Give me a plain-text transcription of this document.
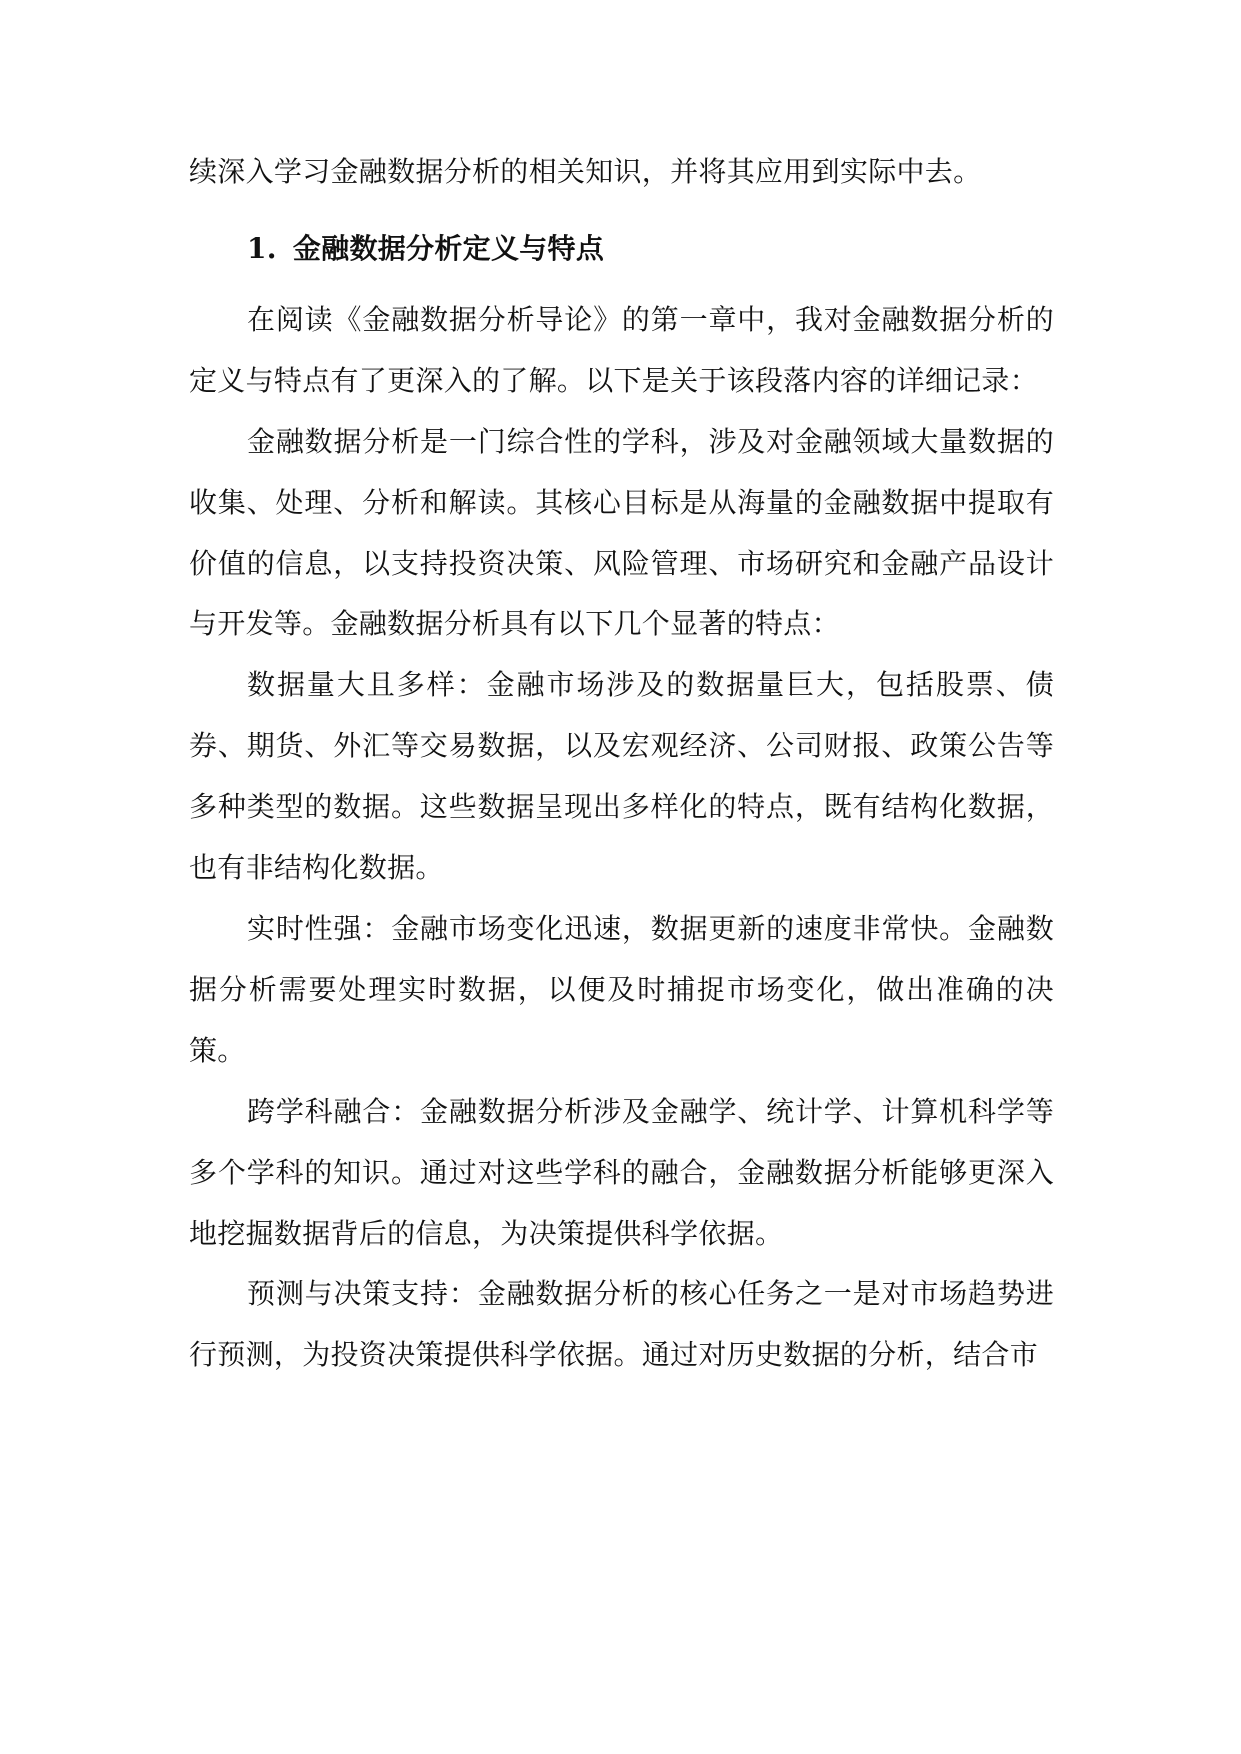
续深入学习金融数据分析的相关知识，并将其应用到实际中去。

1. 金融数据分析定义与特点

在阅读《金融数据分析导论》的第一章中，我对金融数据分析的定义与特点有了更深入的了解。以下是关于该段落内容的详细记录：

金融数据分析是一门综合性的学科，涉及对金融领域大量数据的收集、处理、分析和解读。其核心目标是从海量的金融数据中提取有价值的信息，以支持投资决策、风险管理、市场研究和金融产品设计与开发等。金融数据分析具有以下几个显著的特点：

数据量大且多样：金融市场涉及的数据量巨大，包括股票、债券、期货、外汇等交易数据，以及宏观经济、公司财报、政策公告等多种类型的数据。这些数据呈现出多样化的特点，既有结构化数据，也有非结构化数据。

实时性强：金融市场变化迅速，数据更新的速度非常快。金融数据分析需要处理实时数据，以便及时捕捉市场变化，做出准确的决策。

跨学科融合：金融数据分析涉及金融学、统计学、计算机科学等多个学科的知识。通过对这些学科的融合，金融数据分析能够更深入地挖掘数据背后的信息，为决策提供科学依据。

预测与决策支持：金融数据分析的核心任务之一是对市场趋势进行预测，为投资决策提供科学依据。通过对历史数据的分析，结合市
